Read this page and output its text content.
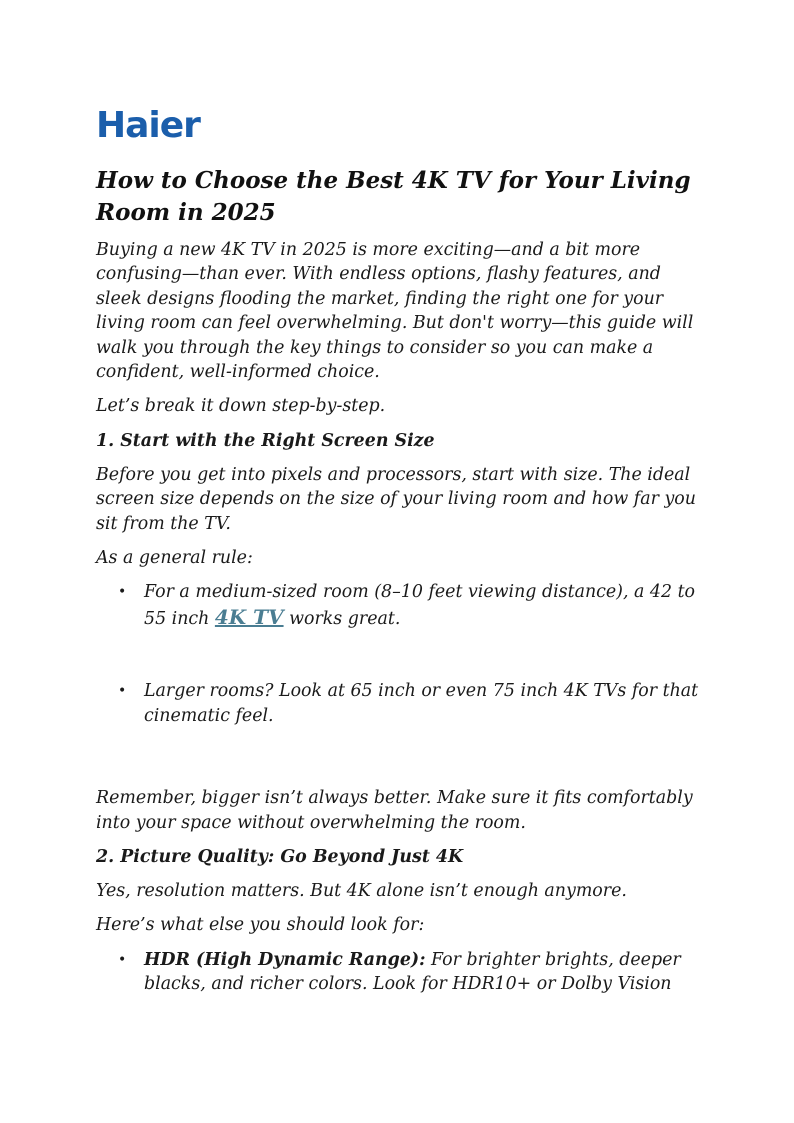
Haier
How to Choose the Best 4K TV for Your Living Room in 2025

Buying a new 4K TV in 2025 is more exciting—and a bit more confusing—than ever. With endless options, flashy features, and sleek designs flooding the market, finding the right one for your living room can feel overwhelming. But don't worry—this guide will walk you through the key things to consider so you can make a confident, well-informed choice.

Let’s break it down step-by-step.

1. Start with the Right Screen Size

Before you get into pixels and processors, start with size. The ideal screen size depends on the size of your living room and how far you sit from the TV.

As a general rule:

• For a medium-sized room (8–10 feet viewing distance), a 42 to 55 inch 4K TV works great.
• Larger rooms? Look at 65 inch or even 75 inch 4K TVs for that cinematic feel.

Remember, bigger isn’t always better. Make sure it fits comfortably into your space without overwhelming the room.

2. Picture Quality: Go Beyond Just 4K

Yes, resolution matters. But 4K alone isn’t enough anymore.

Here’s what else you should look for:

• HDR (High Dynamic Range): For brighter brights, deeper blacks, and richer colors. Look for HDR10+ or Dolby Vision
